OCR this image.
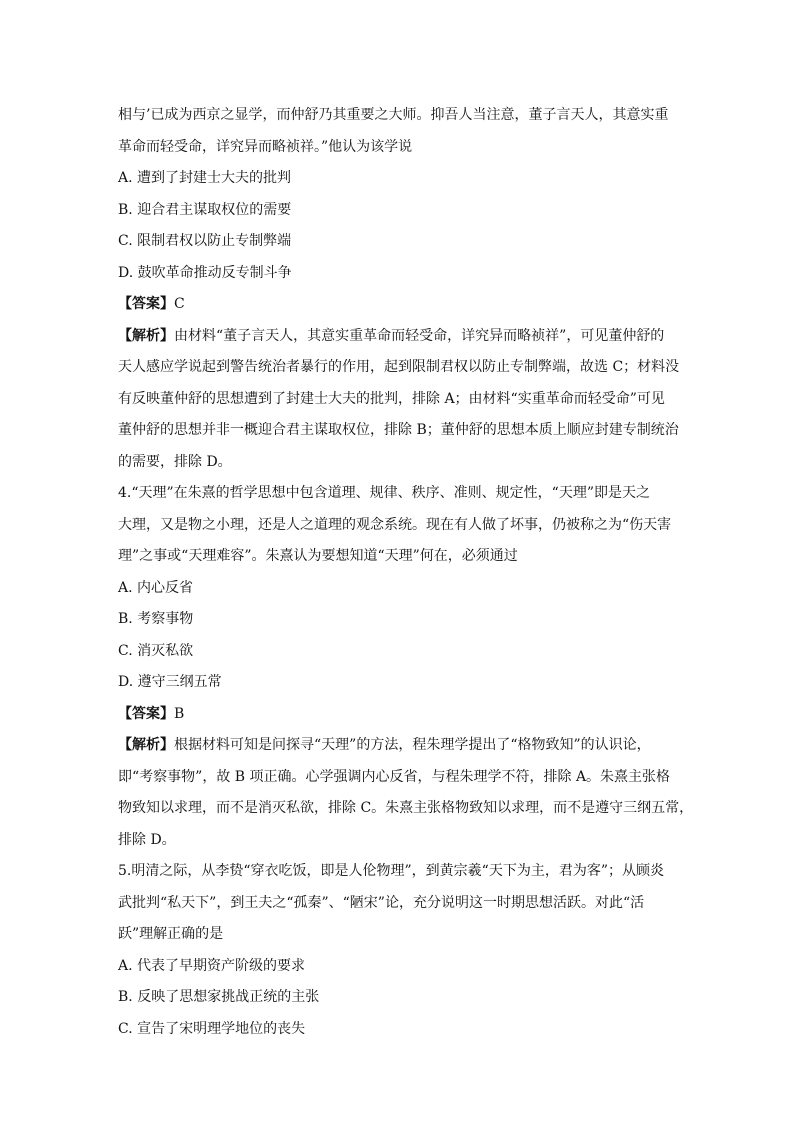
相与’已成为西京之显学，而仲舒乃其重要之大师。抑吾人当注意，董子言天人，其意实重
革命而轻受命，详究异而略祯祥。”他认为该学说
A. 遭到了封建士大夫的批判
B. 迎合君主谋取权位的需要
C. 限制君权以防止专制弊端
D. 鼓吹革命推动反专制斗争
【答案】C
【解析】由材料“董子言天人，其意实重革命而轻受命，详究异而略祯祥”，可见董仲舒的
天人感应学说起到警告统治者暴行的作用，起到限制君权以防止专制弊端，故选 C；材料没
有反映董仲舒的思想遭到了封建士大夫的批判，排除 A；由材料“实重革命而轻受命”可见
董仲舒的思想并非一概迎合君主谋取权位，排除 B；董仲舒的思想本质上顺应封建专制统治
的需要，排除 D。
4.“天理”在朱熹的哲学思想中包含道理、规律、秩序、准则、规定性，“天理”即是天之
大理，又是物之小理，还是人之道理的观念系统。现在有人做了坏事，仍被称之为“伤天害
理”之事或“天理难容”。朱熹认为要想知道“天理”何在，必须通过
A. 内心反省
B. 考察事物
C. 消灭私欲
D. 遵守三纲五常
【答案】B
【解析】根据材料可知是问探寻“天理”的方法，程朱理学提出了“格物致知”的认识论，
即“考察事物”，故 B 项正确。心学强调内心反省，与程朱理学不符，排除 A。朱熹主张格
物致知以求理，而不是消灭私欲，排除 C。朱熹主张格物致知以求理，而不是遵守三纲五常，
排除 D。
5.明清之际，从李贽“穿衣吃饭，即是人伦物理”，到黄宗羲“天下为主，君为客”；从顾炎
武批判“私天下”，到王夫之“孤秦”、“陋宋”论，充分说明这一时期思想活跃。对此“活
跃”理解正确的是
A. 代表了早期资产阶级的要求
B. 反映了思想家挑战正统的主张
C. 宣告了宋明理学地位的丧失
